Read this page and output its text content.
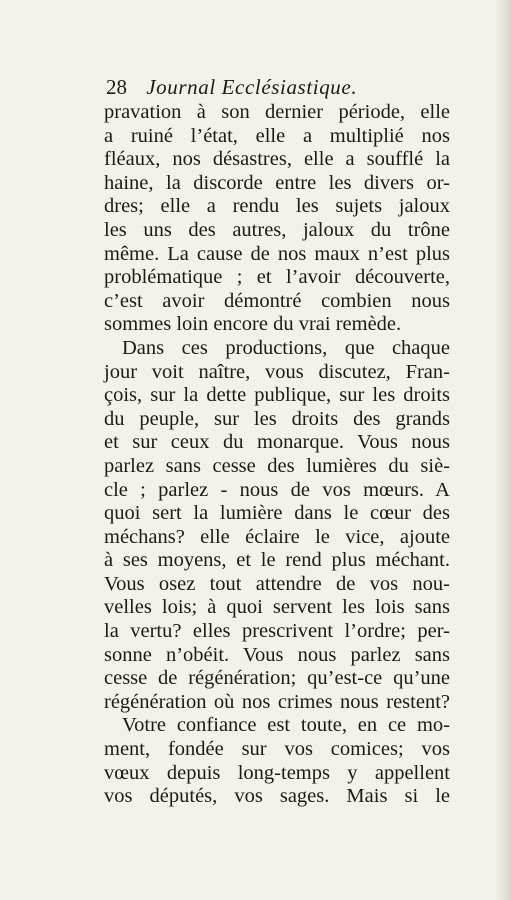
28 Journal Ecclésiastique.
pravation à son dernier période, elle
a ruiné l’état, elle a multiplié nos
fléaux, nos désastres, elle a soufflé la
haine, la discorde entre les divers or-
dres; elle a rendu les sujets jaloux
les uns des autres, jaloux du trône
même. La cause de nos maux n’est plus
problématique ; et l’avoir découverte,
c’est avoir démontré combien nous
sommes loin encore du vrai remède.
Dans ces productions, que chaque
jour voit naître, vous discutez, Fran-
çois, sur la dette publique, sur les droits
du peuple, sur les droits des grands
et sur ceux du monarque. Vous nous
parlez sans cesse des lumières du siè-
cle ; parlez - nous de vos mœurs. A
quoi sert la lumière dans le cœur des
méchans? elle éclaire le vice, ajoute
à ses moyens, et le rend plus méchant.
Vous osez tout attendre de vos nou-
velles lois; à quoi servent les lois sans
la vertu? elles prescrivent l’ordre; per-
sonne n’obéit. Vous nous parlez sans
cesse de régénération; qu’est-ce qu’une
régénération où nos crimes nous restent?
Votre confiance est toute, en ce mo-
ment, fondée sur vos comices; vos
vœux depuis long-temps y appellent
vos députés, vos sages. Mais si le
